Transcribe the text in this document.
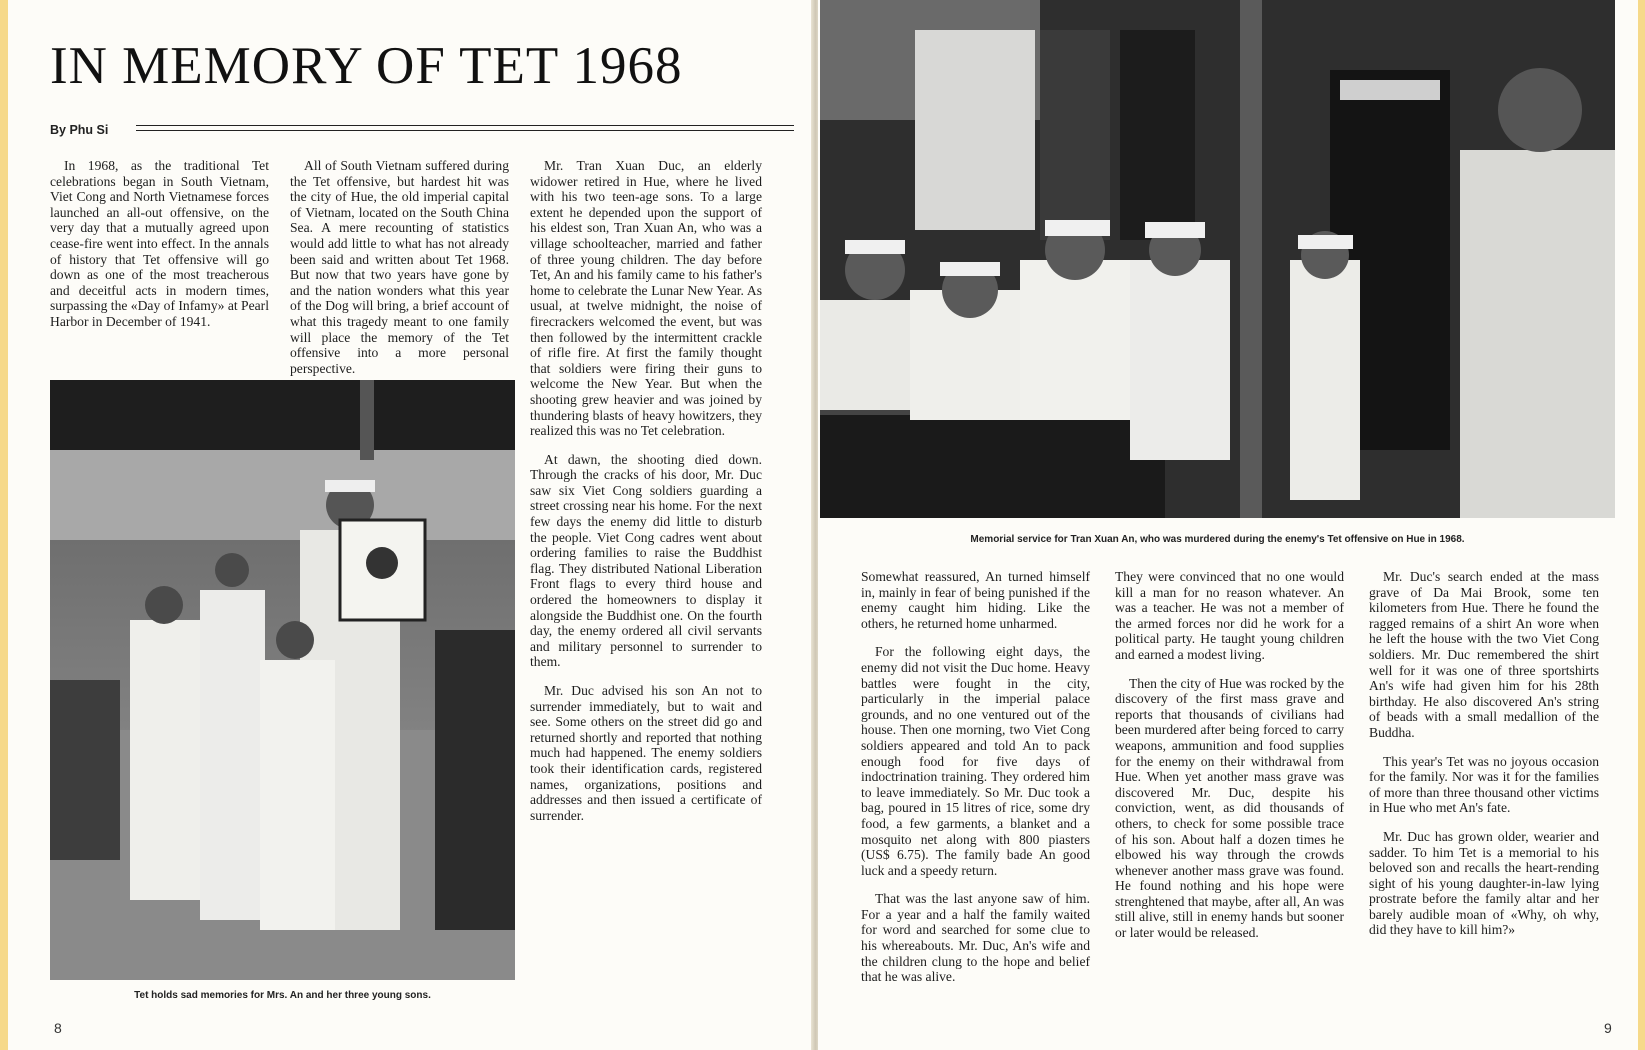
IN MEMORY OF TET 1968
By Phu Si

In 1968, as the traditional Tet celebrations began in South Vietnam, Viet Cong and North Vietnamese forces launched an all-out offensive, on the very day that a mutually agreed upon cease-fire went into effect. In the annals of history that Tet offensive will go down as one of the most treacherous and deceitful acts in modern times, surpassing the «Day of Infamy» at Pearl Harbor in December of 1941.

All of South Vietnam suffered during the Tet offensive, but hardest hit was the city of Hue, the old imperial capital of Vietnam, located on the South China Sea. A mere recounting of statistics would add little to what has not already been said and written about Tet 1968. But now that two years have gone by and the nation wonders what this year of the Dog will bring, a brief account of what this tragedy meant to one family will place the memory of the Tet offensive into a more personal perspective.

Mr. Tran Xuan Duc, an elderly widower retired in Hue, where he lived with his two teen-age sons. To a large extent he depended upon the support of his eldest son, Tran Xuan An, who was a village schoolteacher, married and father of three young children. The day before Tet, An and his family came to his father's home to celebrate the Lunar New Year. As usual, at twelve midnight, the noise of firecrackers welcomed the event, but was then followed by the intermittent crackle of rifle fire. At first the family thought that soldiers were firing their guns to welcome the New Year. But when the shooting grew heavier and was joined by thundering blasts of heavy howitzers, they realized this was no Tet celebration.

At dawn, the shooting died down. Through the cracks of his door, Mr. Duc saw six Viet Cong soldiers guarding a street crossing near his home. For the next few days the enemy did little to disturb the people. Viet Cong cadres went about ordering families to raise the Buddhist flag. They distributed National Liberation Front flags to every third house and ordered the homeowners to display it alongside the Buddhist one. On the fourth day, the enemy ordered all civil servants and military personnel to surrender to them.

Mr. Duc advised his son An not to surrender immediately, but to wait and see. Some others on the street did go and returned shortly and reported that nothing much had happened. The enemy soldiers took their identification cards, registered names, organizations, positions and addresses and then issued a certificate of surrender.

Tet holds sad memories for Mrs. An and her three young sons.
8
Memorial service for Tran Xuan An, who was murdered during the enemy's Tet offensive on Hue in 1968.

Somewhat reassured, An turned himself in, mainly in fear of being punished if the enemy caught him hiding. Like the others, he returned home unharmed.

For the following eight days, the enemy did not visit the Duc home. Heavy battles were fought in the city, particularly in the imperial palace grounds, and no one ventured out of the house. Then one morning, two Viet Cong soldiers appeared and told An to pack enough food for five days of indoctrination training. They ordered him to leave immediately. So Mr. Duc took a bag, poured in 15 litres of rice, some dry food, a few garments, a blanket and a mosquito net along with 800 piasters (US$ 6.75). The family bade An good luck and a speedy return.

That was the last anyone saw of him. For a year and a half the family waited for word and searched for some clue to his whereabouts. Mr. Duc, An's wife and the children clung to the hope and belief that he was alive.

They were convinced that no one would kill a man for no reason whatever. An was a teacher. He was not a member of the armed forces nor did he work for a political party. He taught young children and earned a modest living.

Then the city of Hue was rocked by the discovery of the first mass grave and reports that thousands of civilians had been murdered after being forced to carry weapons, ammunition and food supplies for the enemy on their withdrawal from Hue. When yet another mass grave was discovered Mr. Duc, despite his conviction, went, as did thousands of others, to check for some possible trace of his son. About half a dozen times he elbowed his way through the crowds whenever another mass grave was found. He found nothing and his hope were strenghtened that maybe, after all, An was still alive, still in enemy hands but sooner or later would be released.

Mr. Duc's search ended at the mass grave of Da Mai Brook, some ten kilometers from Hue. There he found the ragged remains of a shirt An wore when he left the house with the two Viet Cong soldiers. Mr. Duc remembered the shirt well for it was one of three sportshirts An's wife had given him for his 28th birthday. He also discovered An's string of beads with a small medallion of the Buddha.

This year's Tet was no joyous occasion for the family. Nor was it for the families of more than three thousand other victims in Hue who met An's fate.

Mr. Duc has grown older, wearier and sadder. To him Tet is a memorial to his beloved son and recalls the heart-rending sight of his young daughter-in-law lying prostrate before the family altar and her barely audible moan of «Why, oh why, did they have to kill him?»

9
